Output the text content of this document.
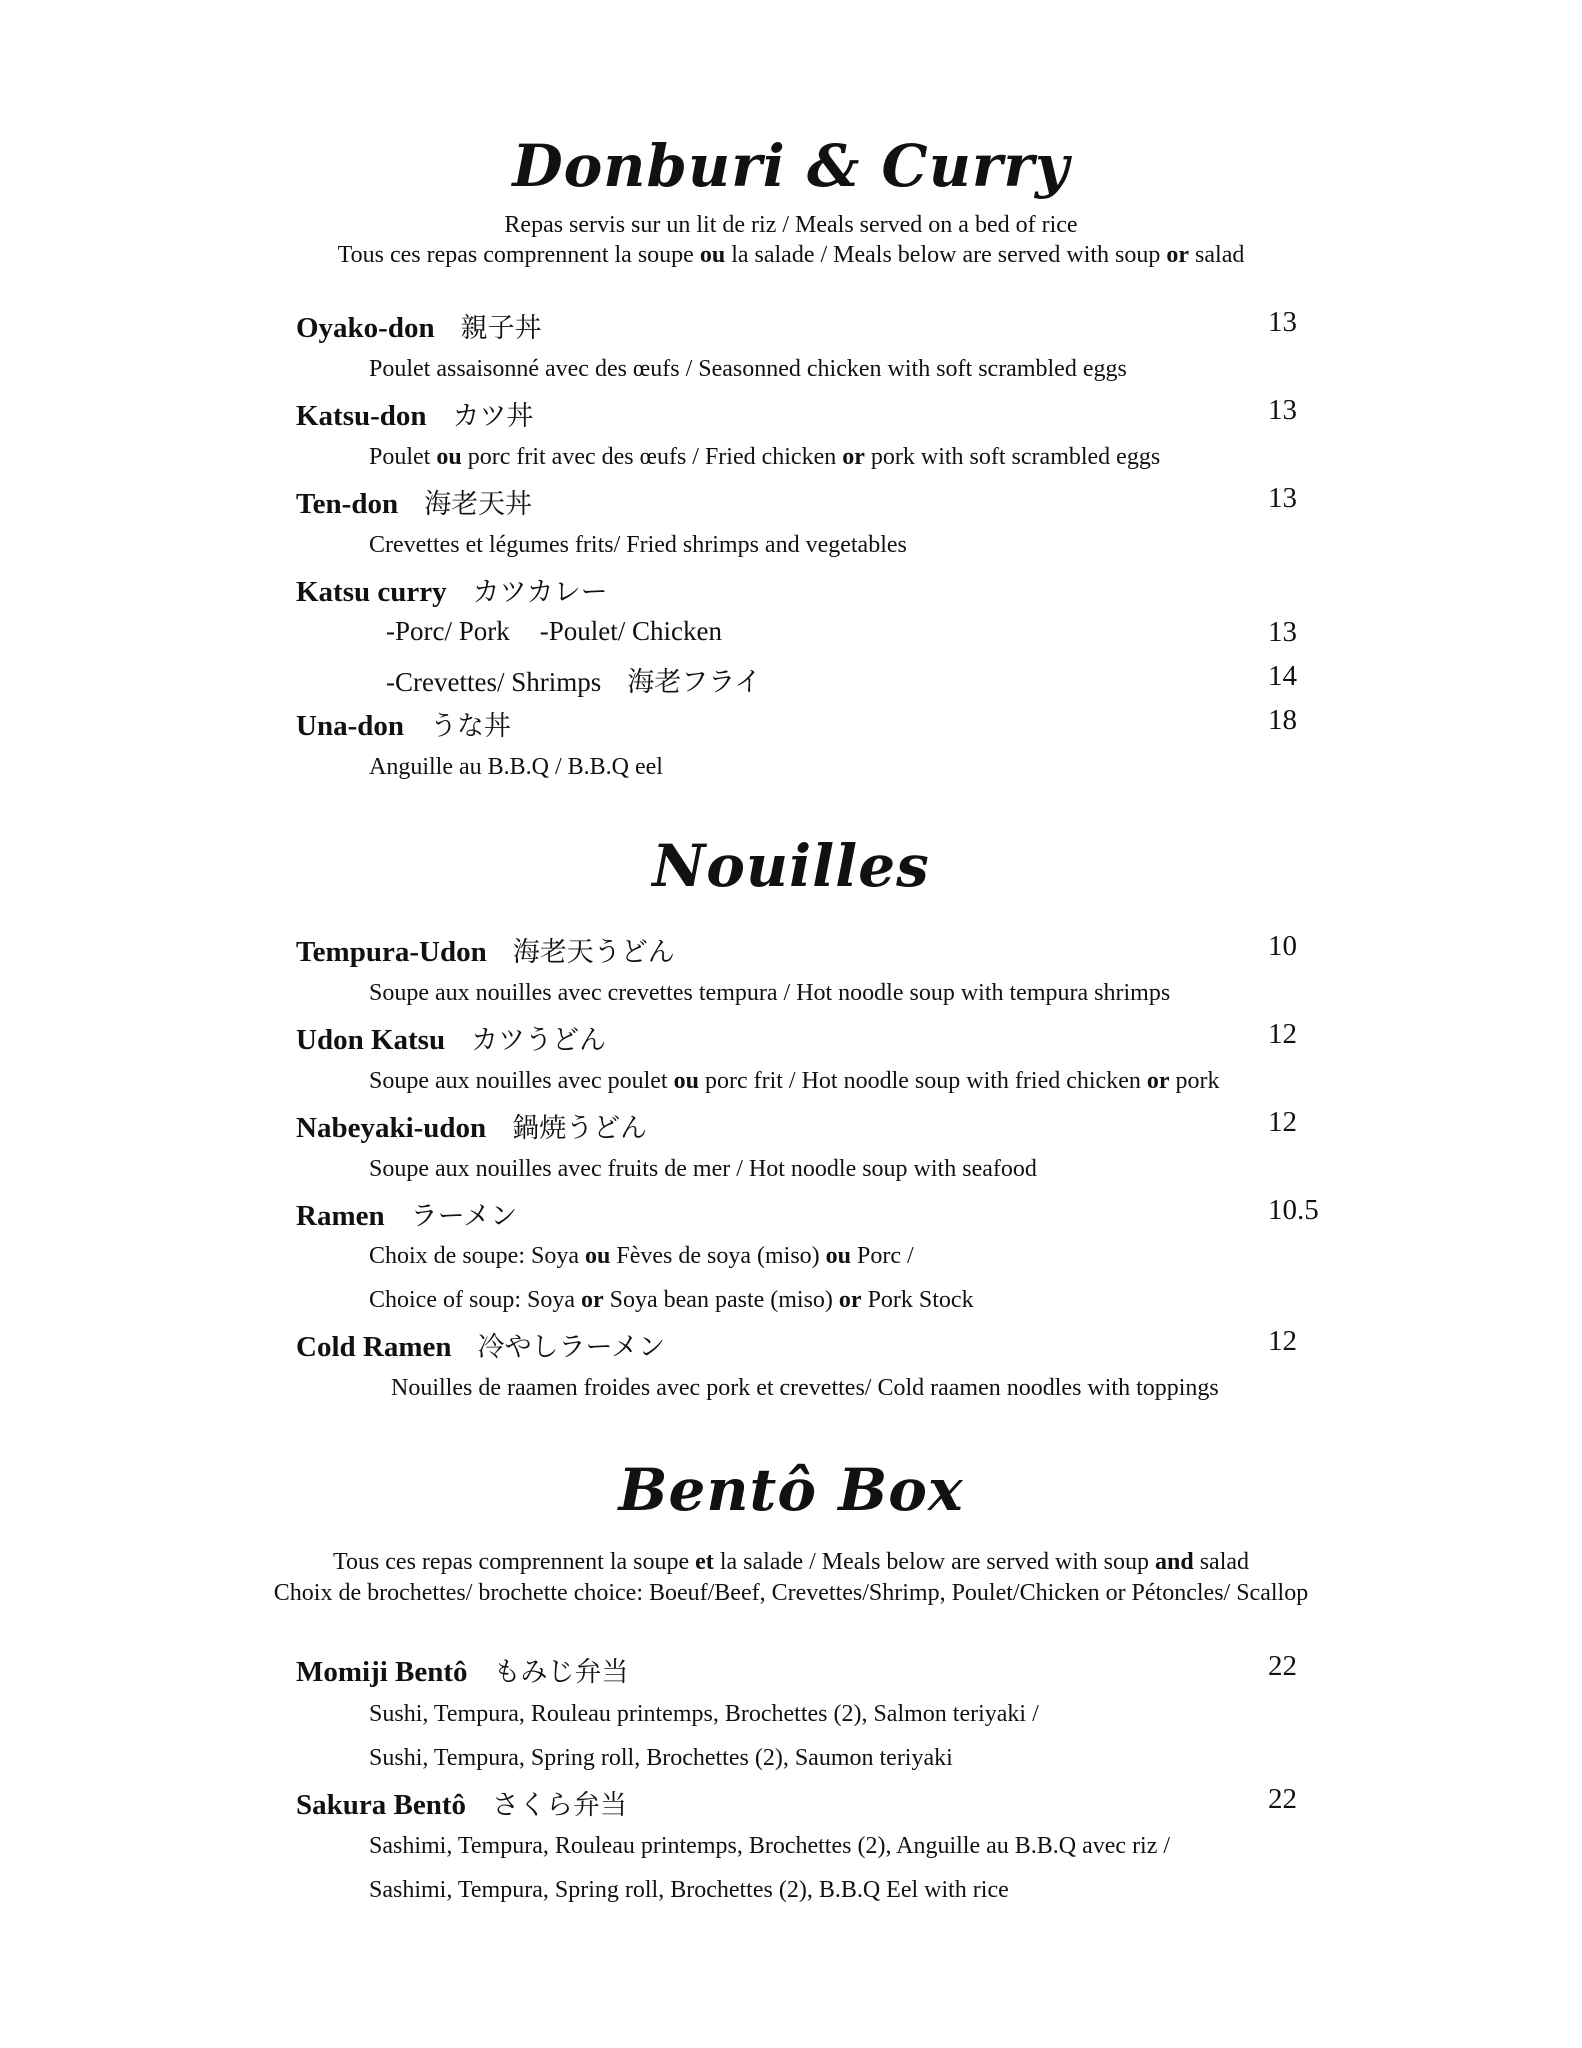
Donburi & Curry
Repas servis sur un lit de riz / Meals served on a bed of rice
Tous ces repas comprennent la soupe ou la salade / Meals below are served with soup or salad
Oyako-don 親子丼	13
Poulet assaisonné avec des œufs / Seasonned chicken with soft scrambled eggs
Katsu-don カツ丼	13
Poulet ou porc frit avec des œufs / Fried chicken or pork with soft scrambled eggs
Ten-don 海老天丼	13
Crevettes et légumes frits/ Fried shrimps and vegetables
Katsu curry カツカレー
-Porc/ Pork -Poulet/ Chicken	13
-Crevettes/ Shrimps 海老フライ	14
Una-don うな丼	18
Anguille au B.B.Q / B.B.Q eel
Nouilles
Tempura-Udon 海老天うどん	10
Soupe aux nouilles avec crevettes tempura / Hot noodle soup with tempura shrimps
Udon Katsu カツうどん	12
Soupe aux nouilles avec poulet ou porc frit / Hot noodle soup with fried chicken or pork
Nabeyaki-udon 鍋焼うどん	12
Soupe aux nouilles avec fruits de mer / Hot noodle soup with seafood
Ramen ラーメン	10.5
Choix de soupe: Soya ou Fèves de soya (miso) ou Porc /
Choice of soup: Soya or Soya bean paste (miso) or Pork Stock
Cold Ramen 冷やしラーメン	12
Nouilles de raamen froides avec pork et crevettes/ Cold raamen noodles with toppings
Bentô Box
Tous ces repas comprennent la soupe et la salade / Meals below are served with soup and salad
Choix de brochettes/ brochette choice: Boeuf/Beef, Crevettes/Shrimp, Poulet/Chicken or Pétoncles/ Scallop
Momiji Bentô もみじ弁当	22
Sushi, Tempura, Rouleau printemps, Brochettes (2), Salmon teriyaki /
Sushi, Tempura, Spring roll, Brochettes (2), Saumon teriyaki
Sakura Bentô さくら弁当	22
Sashimi, Tempura, Rouleau printemps, Brochettes (2), Anguille au B.B.Q avec riz /
Sashimi, Tempura, Spring roll, Brochettes (2), B.B.Q Eel with rice
